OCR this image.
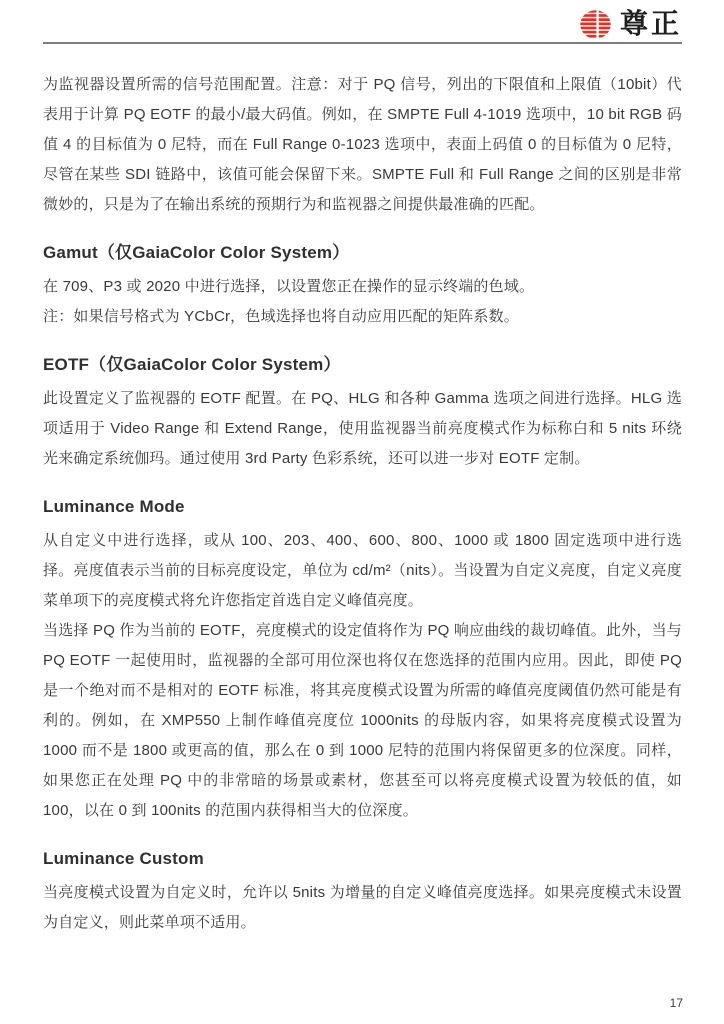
尊正

为监视器设置所需的信号范围配置。注意：对于 PQ 信号，列出的下限值和上限值（10bit）代表用于计算 PQ EOTF 的最小/最大码值。例如，在 SMPTE Full 4-1019 选项中，10 bit RGB 码值 4 的目标值为 0 尼特，而在 Full Range 0-1023 选项中，表面上码值 0 的目标值为 0 尼特，尽管在某些 SDI 链路中，该值可能会保留下来。SMPTE Full 和 Full Range 之间的区别是非常微妙的，只是为了在输出系统的预期行为和监视器之间提供最准确的匹配。

Gamut（仅GaiaColor Color System）

在 709、P3 或 2020 中进行选择，以设置您正在操作的显示终端的色域。

注：如果信号格式为 YCbCr，色域选择也将自动应用匹配的矩阵系数。

EOTF（仅GaiaColor Color System）

此设置定义了监视器的 EOTF 配置。在 PQ、HLG 和各种 Gamma 选项之间进行选择。HLG 选项适用于 Video Range 和 Extend Range，使用监视器当前亮度模式作为标称白和 5 nits 环绕光来确定系统伽玛。通过使用 3rd Party 色彩系统，还可以进一步对 EOTF 定制。

Luminance Mode

从自定义中进行选择，或从 100、203、400、600、800、1000 或 1800 固定选项中进行选择。亮度值表示当前的目标亮度设定，单位为 cd/m²（nits）。当设置为自定义亮度，自定义亮度菜单项下的亮度模式将允许您指定首选自定义峰值亮度。

当选择 PQ 作为当前的 EOTF，亮度模式的设定值将作为 PQ 响应曲线的裁切峰值。此外，当与 PQ EOTF 一起使用时，监视器的全部可用位深也将仅在您选择的范围内应用。因此，即使 PQ 是一个绝对而不是相对的 EOTF 标准，将其亮度模式设置为所需的峰值亮度阈值仍然可能是有利的。例如，在 XMP550 上制作峰值亮度位 1000nits 的母版内容，如果将亮度模式设置为 1000 而不是 1800 或更高的值，那么在 0 到 1000 尼特的范围内将保留更多的位深度。同样，如果您正在处理 PQ 中的非常暗的场景或素材，您甚至可以将亮度模式设置为较低的值，如 100，以在 0 到 100nits 的范围内获得相当大的位深度。

Luminance Custom

当亮度模式设置为自定义时，允许以 5nits 为增量的自定义峰值亮度选择。如果亮度模式未设置为自定义，则此菜单项不适用。

17
